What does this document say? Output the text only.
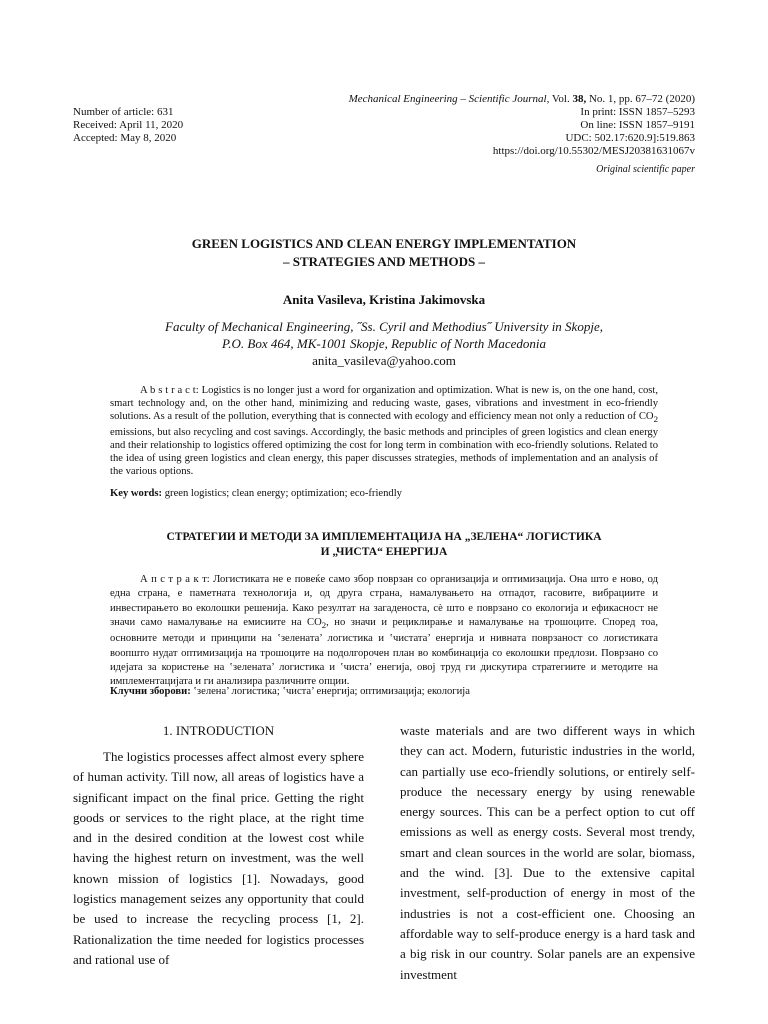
Mechanical Engineering – Scientific Journal, Vol. 38, No. 1, pp. 67–72 (2020)
Number of article: 631
Received: April 11, 2020
Accepted: May 8, 2020
In print: ISSN 1857–5293
On line: ISSN 1857–9191
UDC: 502.17:620.9]:519.863
https://doi.org/10.55302/MESJ20381631067v
Original scientific paper
GREEN LOGISTICS AND CLEAN ENERGY IMPLEMENTATION
– STRATEGIES AND METHODS –
Anita Vasileva, Kristina Jakimovska
Faculty of Mechanical Engineering, ˝Ss. Cyril and Methodius˝ University in Skopje,
P.O. Box 464, MK-1001 Skopje, Republic of North Macedonia
anita_vasileva@yahoo.com
A b s t r a c t: Logistics is no longer just a word for organization and optimization. What is new is, on the one hand, cost, smart technology and, on the other hand, minimizing and reducing waste, gases, vibrations and investment in eco-friendly solutions. As a result of the pollution, everything that is connected with ecology and efficiency mean not only a reduction of $CO_2$ emissions, but also recycling and cost savings. Accordingly, the basic methods and principles of green logistics and clean energy and their relationship to logistics offered optimizing the cost for long term in combination with eco-friendly solutions. Related to the idea of using green logistics and clean energy, this paper discusses strategies, methods of implementation and an analysis of the various options.
Key words: green logistics; clean energy; optimization; eco-friendly
СТРАТЕГИИ И МЕТОДИ ЗА ИМПЛЕМЕНТАЦИЈА НА „ЗЕЛЕНА“ ЛОГИСТИКА
И „ЧИСТА“ ЕНЕРГИЈА
А п с т р а к т: Логистиката не е повеќе само збор поврзан со организација и оптимизација. Она што е ново, од една страна, е паметната технологија и, од друга страна, намалувањето на отпадот, гасовите, вибрациите и инвестирањето во еколошки решенија. Како резултат на загаденоста, сè што е поврзано со екологија и ефикасност не значи само намалување на емисиите на $CO_2$, но значи и рециклирање и намалување на трошоците. Според тоа, основните методи и принципи на ‛зелената’ логистика и ‛чистата’ енергија и нивната поврзаност со логистиката воопшто нудат оптимизација на трошоците на подолгорочен план во комбинација со еколошки предлози. Поврзано со идејата за користење на ‛зелената’ логистика и ‛чиста’ енегија, овој труд ги дискутира стратегиите и методите на имплементацијата и ги анализира различните опции.
Клучни зборови: ‛зелена’ логистика; ‛чиста’ енергија; оптимизација; екологија
1. INTRODUCTION
The logistics processes affect almost every sphere of human activity. Till now, all areas of logistics have a significant impact on the final price. Getting the right goods or services to the right place, at the right time and in the desired condition at the lowest cost while having the highest return on investment, was the well known mission of logistics [1]. Nowadays, good logistics management seizes any opportunity that could be used to increase the recycling process [1, 2]. Rationalization the time needed for logistics processes and rational use of
waste materials and are two different ways in which they can act. Modern, futuristic industries in the world, can partially use eco-friendly solutions, or entirely self-produce the necessary energy by using renewable energy sources. This can be a perfect option to cut off emissions as well as energy costs. Several most trendy, smart and clean sources in the world are solar, biomass, and the wind. [3]. Due to the extensive capital investment, self-production of energy in most of the industries is not a cost-efficient one. Choosing an affordable way to self-produce energy is a hard task and a big risk in our country. Solar panels are an expensive investment
